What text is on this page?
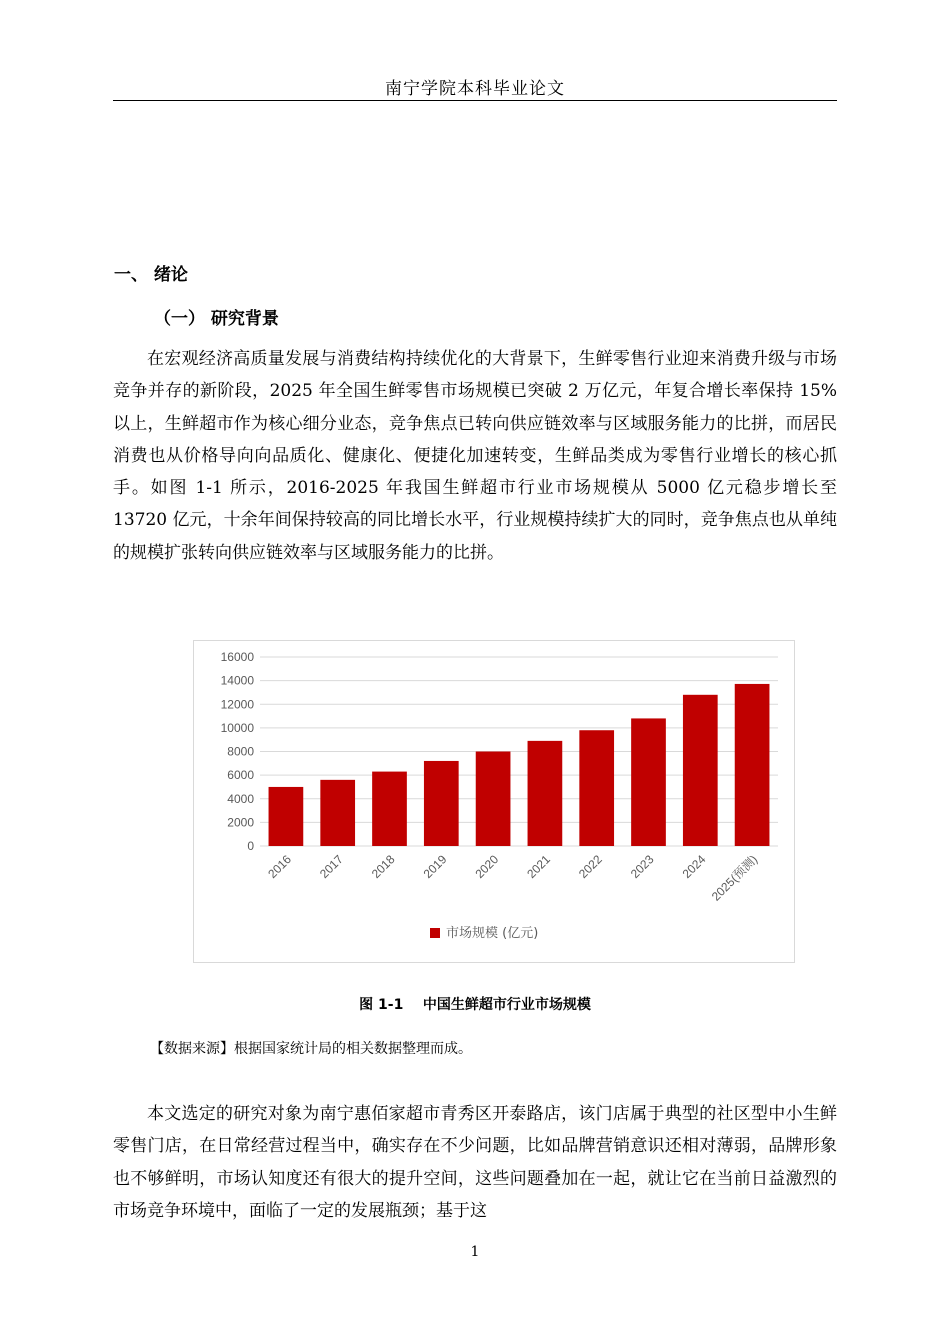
南宁学院本科毕业论文
一、 绪论
（一） 研究背景

在宏观经济高质量发展与消费结构持续优化的大背景下，生鲜零售行业迎来消费升级与市场竞争并存的新阶段，2025 年全国生鲜零售市场规模已突破 2 万亿元，年复合增长率保持 15%以上，生鲜超市作为核心细分业态，竞争焦点已转向供应链效率与区域服务能力的比拼，而居民消费也从价格导向向品质化、健康化、便捷化加速转变，生鲜品类成为零售行业增长的核心抓手。如图 1-1 所示，2016-2025 年我国生鲜超市行业市场规模从 5000 亿元稳步增长至 13720 亿元，十余年间保持较高的同比增长水平，行业规模持续扩大的同时，竞争焦点也从单纯的规模扩张转向供应链效率与区域服务能力的比拼。

0
2000
4000
6000
8000
10000
12000
14000
16000
2016 2017 2018 2019 2020 2021 2022 2023 2024 2025(预测)
市场规模 (亿元)
图 1-1    中国生鲜超市行业市场规模
【数据来源】根据国家统计局的相关数据整理而成。

本文选定的研究对象为南宁惠佰家超市青秀区开泰路店，该门店属于典型的社区型中小生鲜零售门店，在日常经营过程当中，确实存在不少问题，比如品牌营销意识还相对薄弱，品牌形象也不够鲜明，市场认知度还有很大的提升空间，这些问题叠加在一起，就让它在当前日益激烈的市场竞争环境中，面临了一定的发展瓶颈；基于这

1
